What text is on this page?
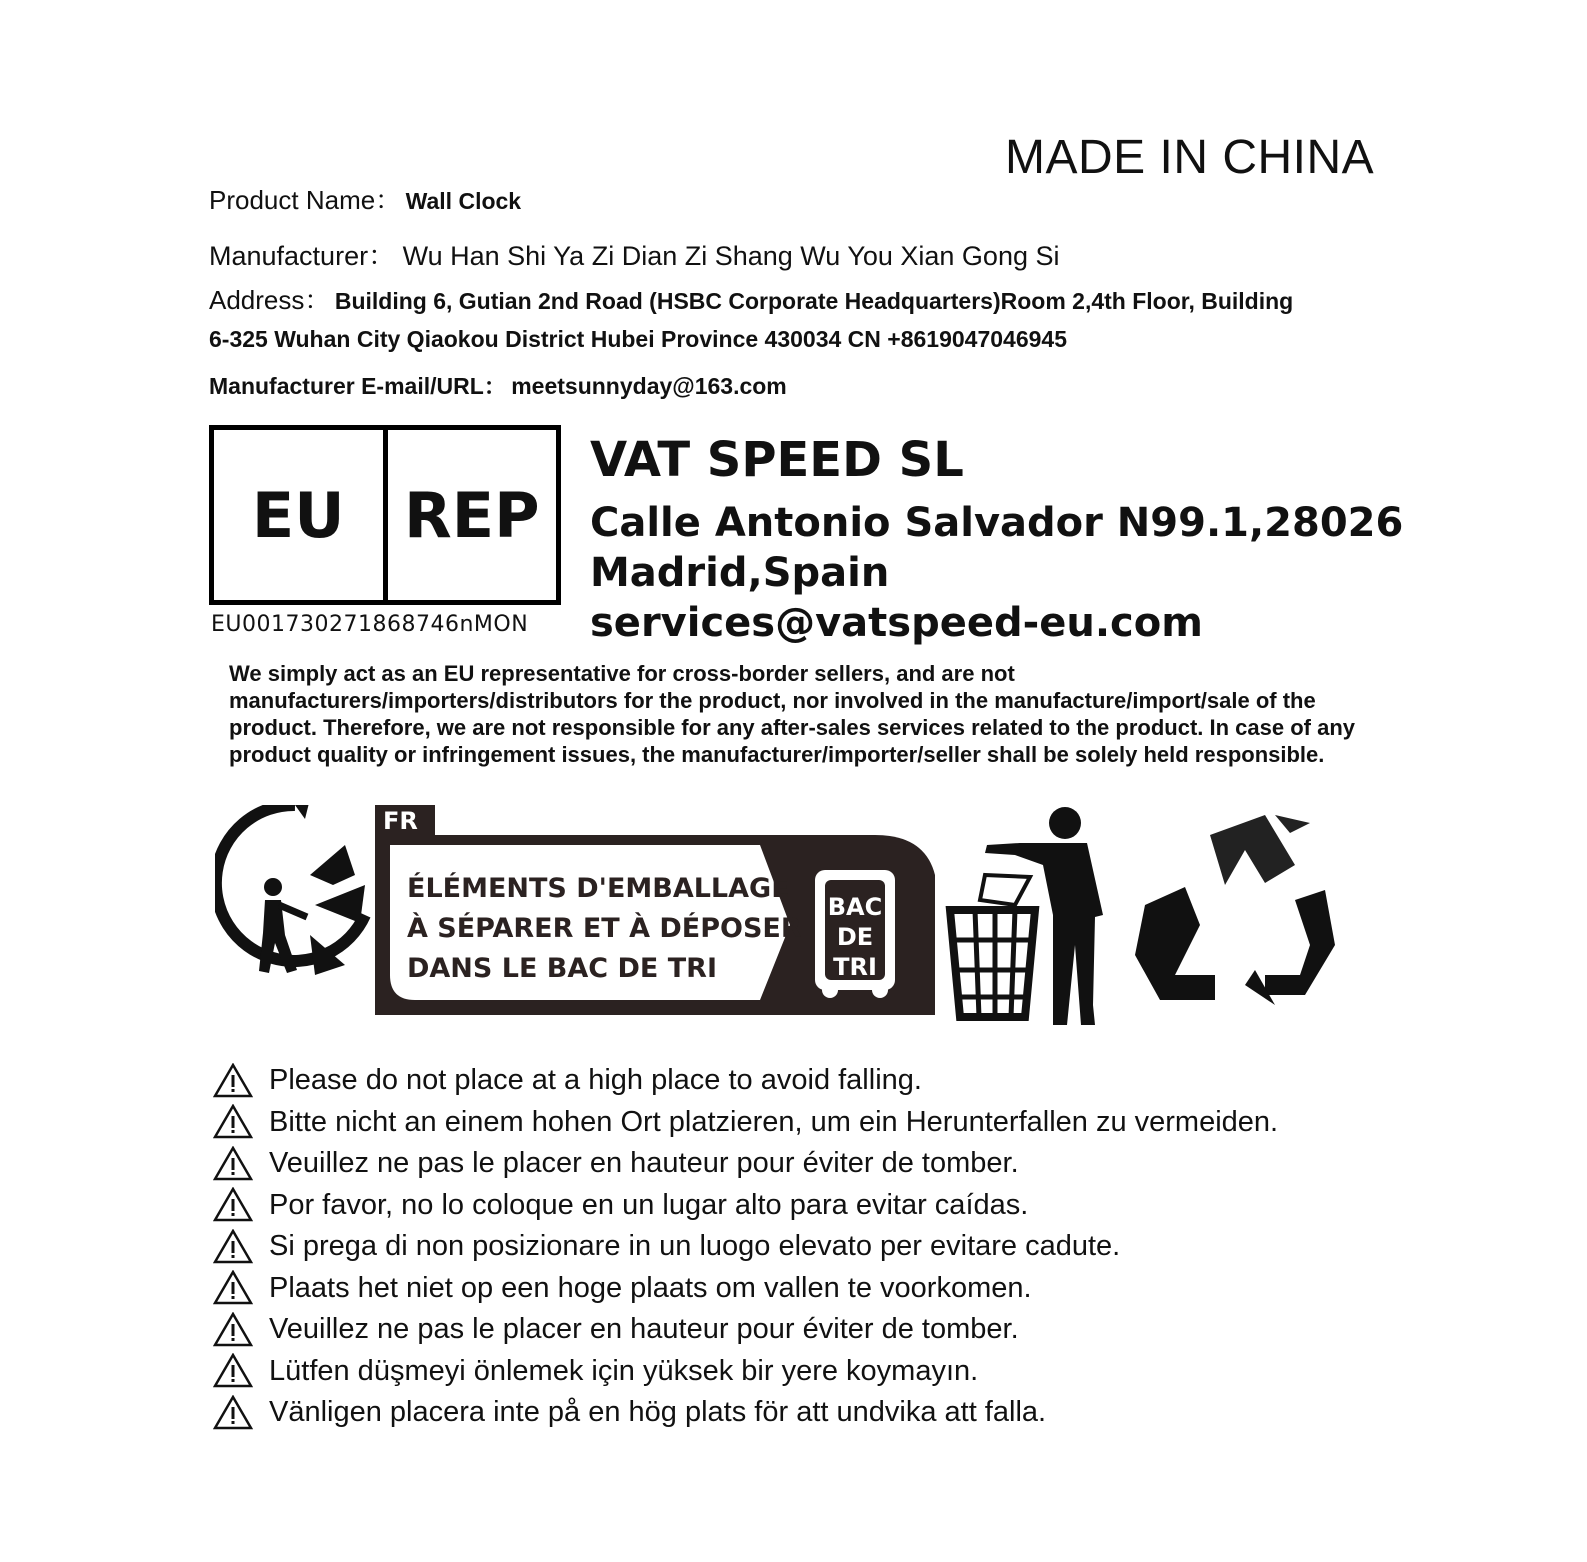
MADE IN CHINA
Product Name： Wall Clock
Manufacturer： Wu Han Shi Ya Zi Dian Zi Shang Wu You Xian Gong Si
Address： Building 6, Gutian 2nd Road (HSBC Corporate Headquarters)Room 2,4th Floor, Building
6-325 Wuhan City Qiaokou District Hubei Province 430034 CN +8619047046945
Manufacturer E-mail/URL： meetsunnyday@163.com
EU REP
EU001730271868746nMON
VAT SPEED SL
Calle Antonio Salvador N99.1,28026
Madrid,Spain
services@vatspeed-eu.com
We simply act as an EU representative for cross-border sellers, and are not manufacturers/importers/distributors for the product, nor involved in the manufacture/import/sale of the product. Therefore, we are not responsible for any after-sales services related to the product. In case of any product quality or infringement issues, the manufacturer/importer/seller shall be solely held responsible.
FR
ÉLÉMENTS D'EMBALLAGE
À SÉPARER ET À DÉPOSER
DANS LE BAC DE TRI
BAC
DE
TRI
Please do not place at a high place to avoid falling.
Bitte nicht an einem hohen Ort platzieren, um ein Herunterfallen zu vermeiden.
Veuillez ne pas le placer en hauteur pour éviter de tomber.
Por favor, no lo coloque en un lugar alto para evitar caídas.
Si prega di non posizionare in un luogo elevato per evitare cadute.
Plaats het niet op een hoge plaats om vallen te voorkomen.
Veuillez ne pas le placer en hauteur pour éviter de tomber.
Lütfen düşmeyi önlemek için yüksek bir yere koymayın.
Vänligen placera inte på en hög plats för att undvika att falla.
